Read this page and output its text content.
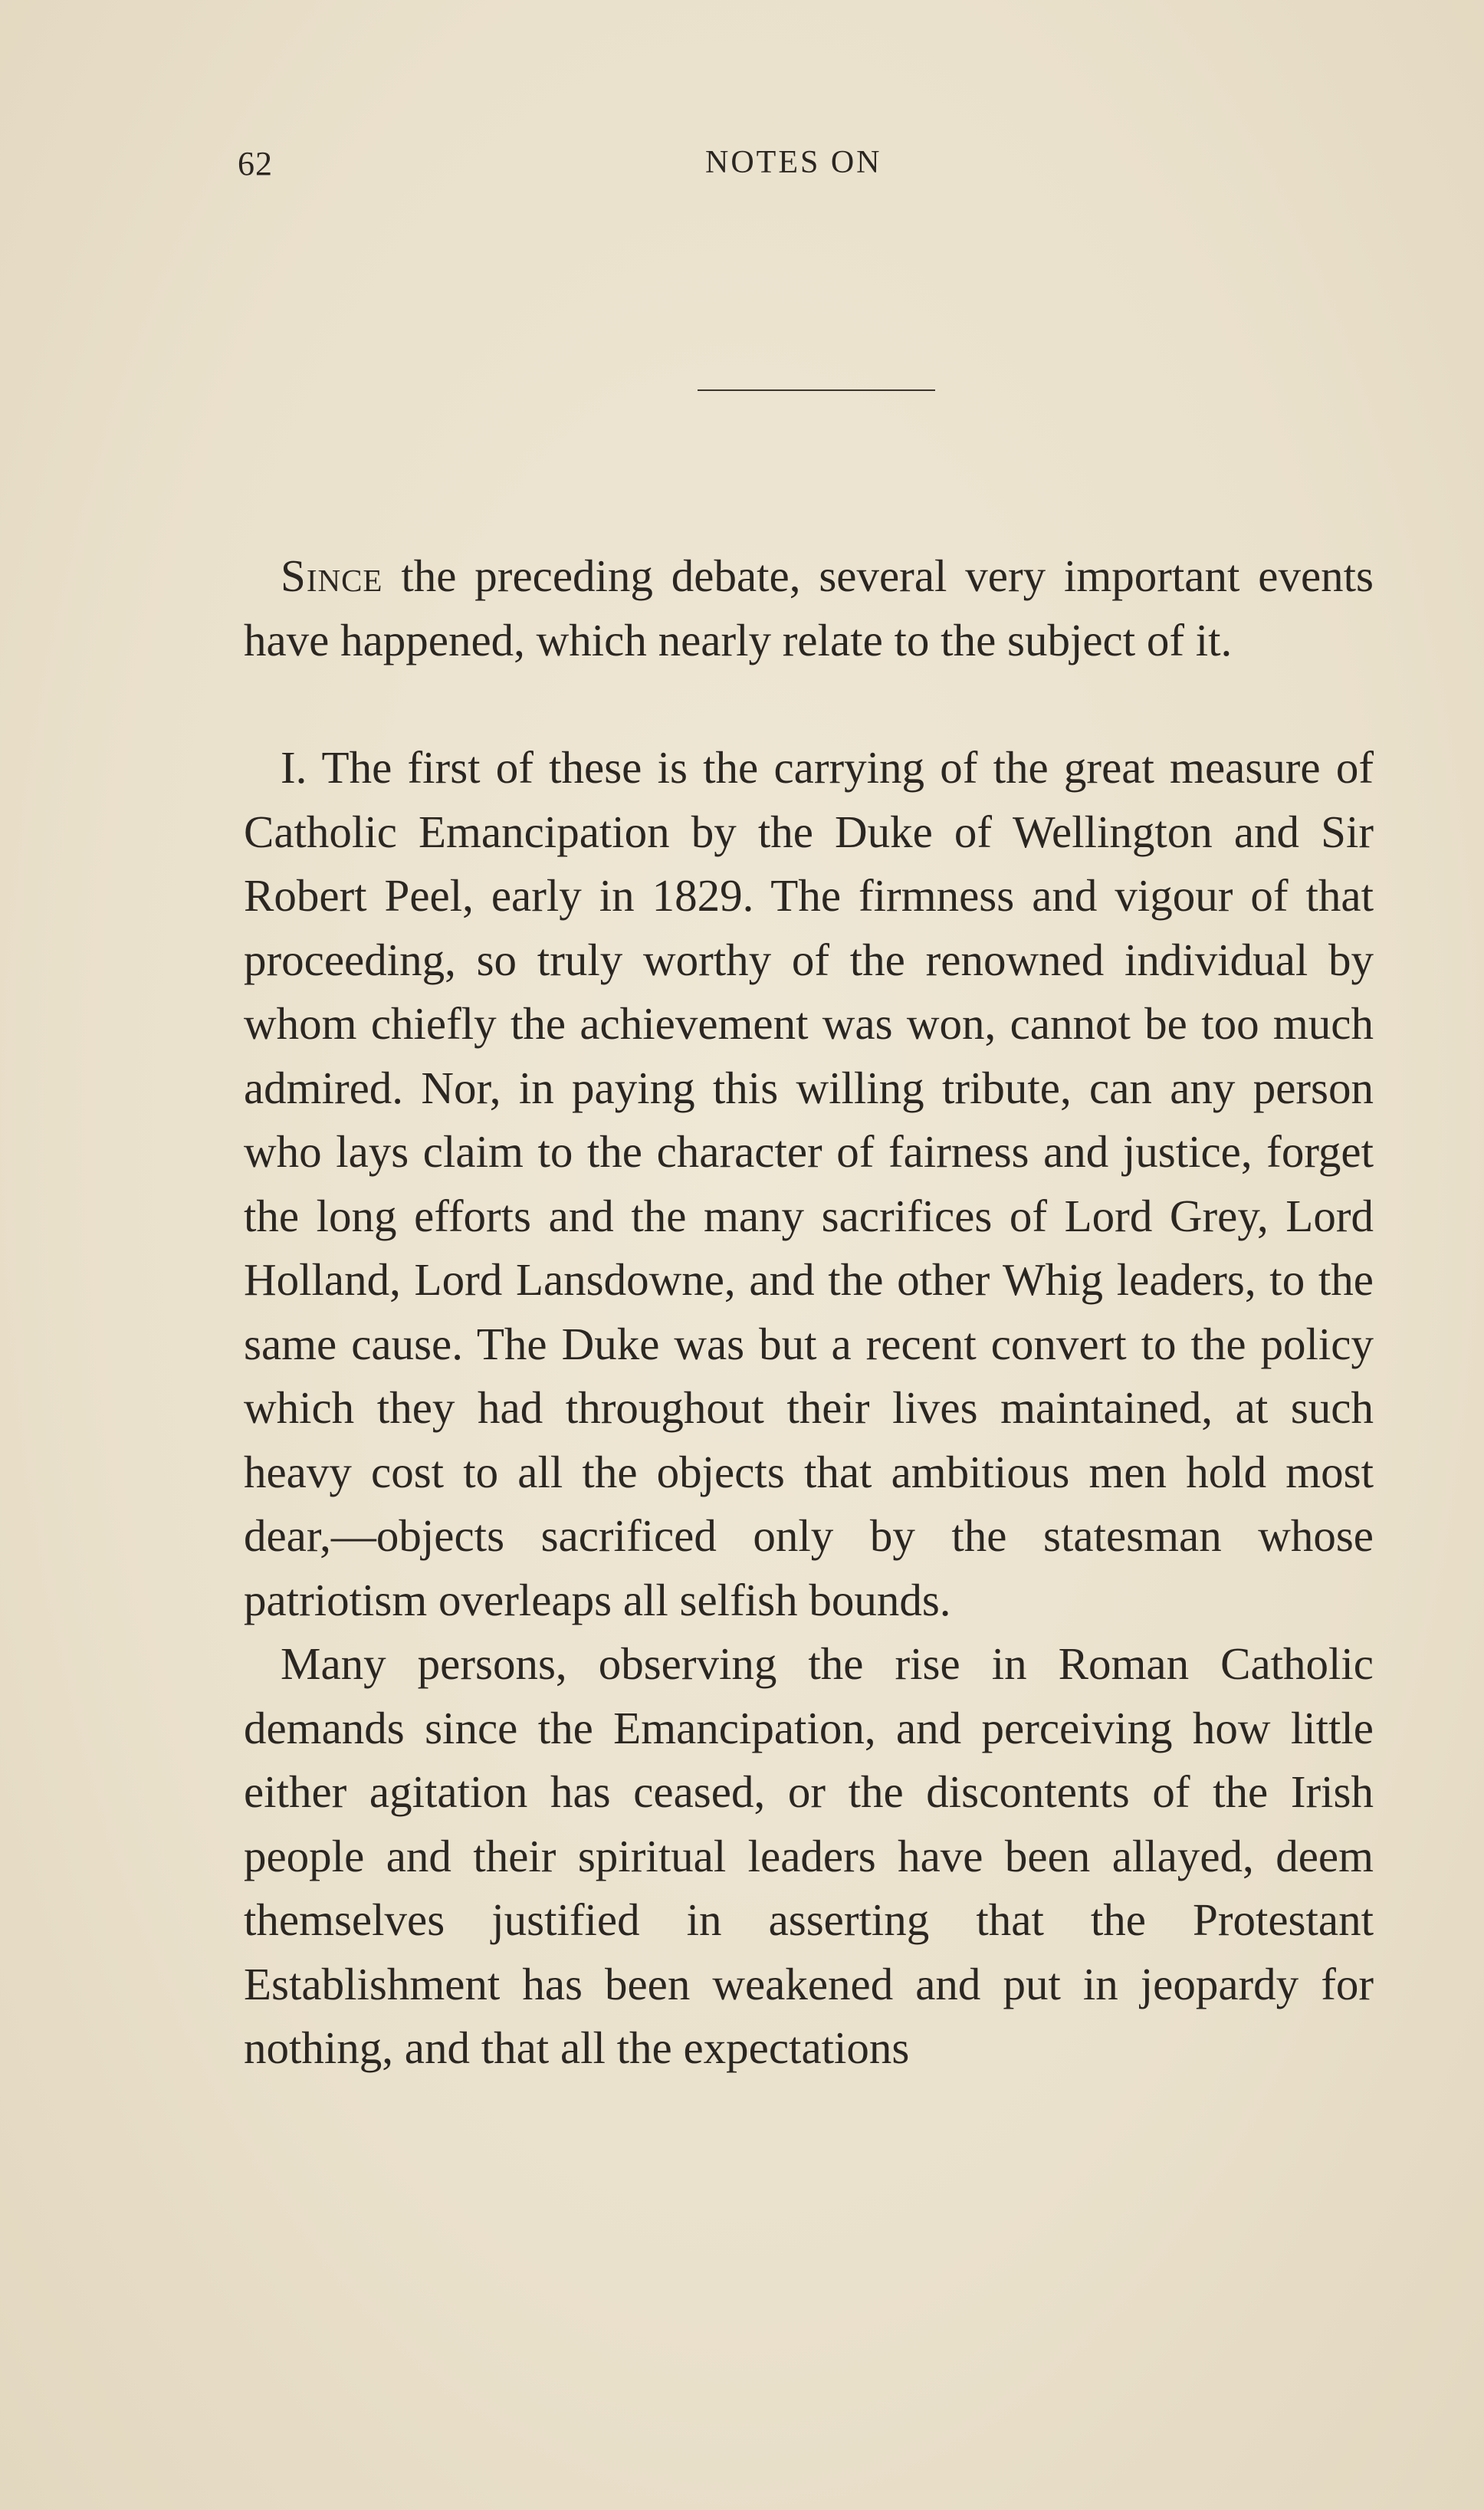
62	NOTES ON

Since the preceding debate, several very important events have happened, which nearly relate to the subject of it.

I. The first of these is the carrying of the great measure of Catholic Emancipation by the Duke of Wellington and Sir Robert Peel, early in 1829. The firmness and vigour of that proceeding, so truly worthy of the renowned individual by whom chiefly the achievement was won, cannot be too much admired. Nor, in paying this willing tribute, can any person who lays claim to the character of fairness and justice, forget the long efforts and the many sacrifices of Lord Grey, Lord Holland, Lord Lansdowne, and the other Whig leaders, to the same cause. The Duke was but a recent convert to the policy which they had throughout their lives maintained, at such heavy cost to all the objects that ambitious men hold most dear,—objects sacrificed only by the statesman whose patriotism overleaps all selfish bounds.

Many persons, observing the rise in Roman Catholic demands since the Emancipation, and perceiving how little either agitation has ceased, or the discontents of the Irish people and their spiritual leaders have been allayed, deem themselves justified in asserting that the Protestant Establishment has been weakened and put in jeopardy for nothing, and that all the expectations
